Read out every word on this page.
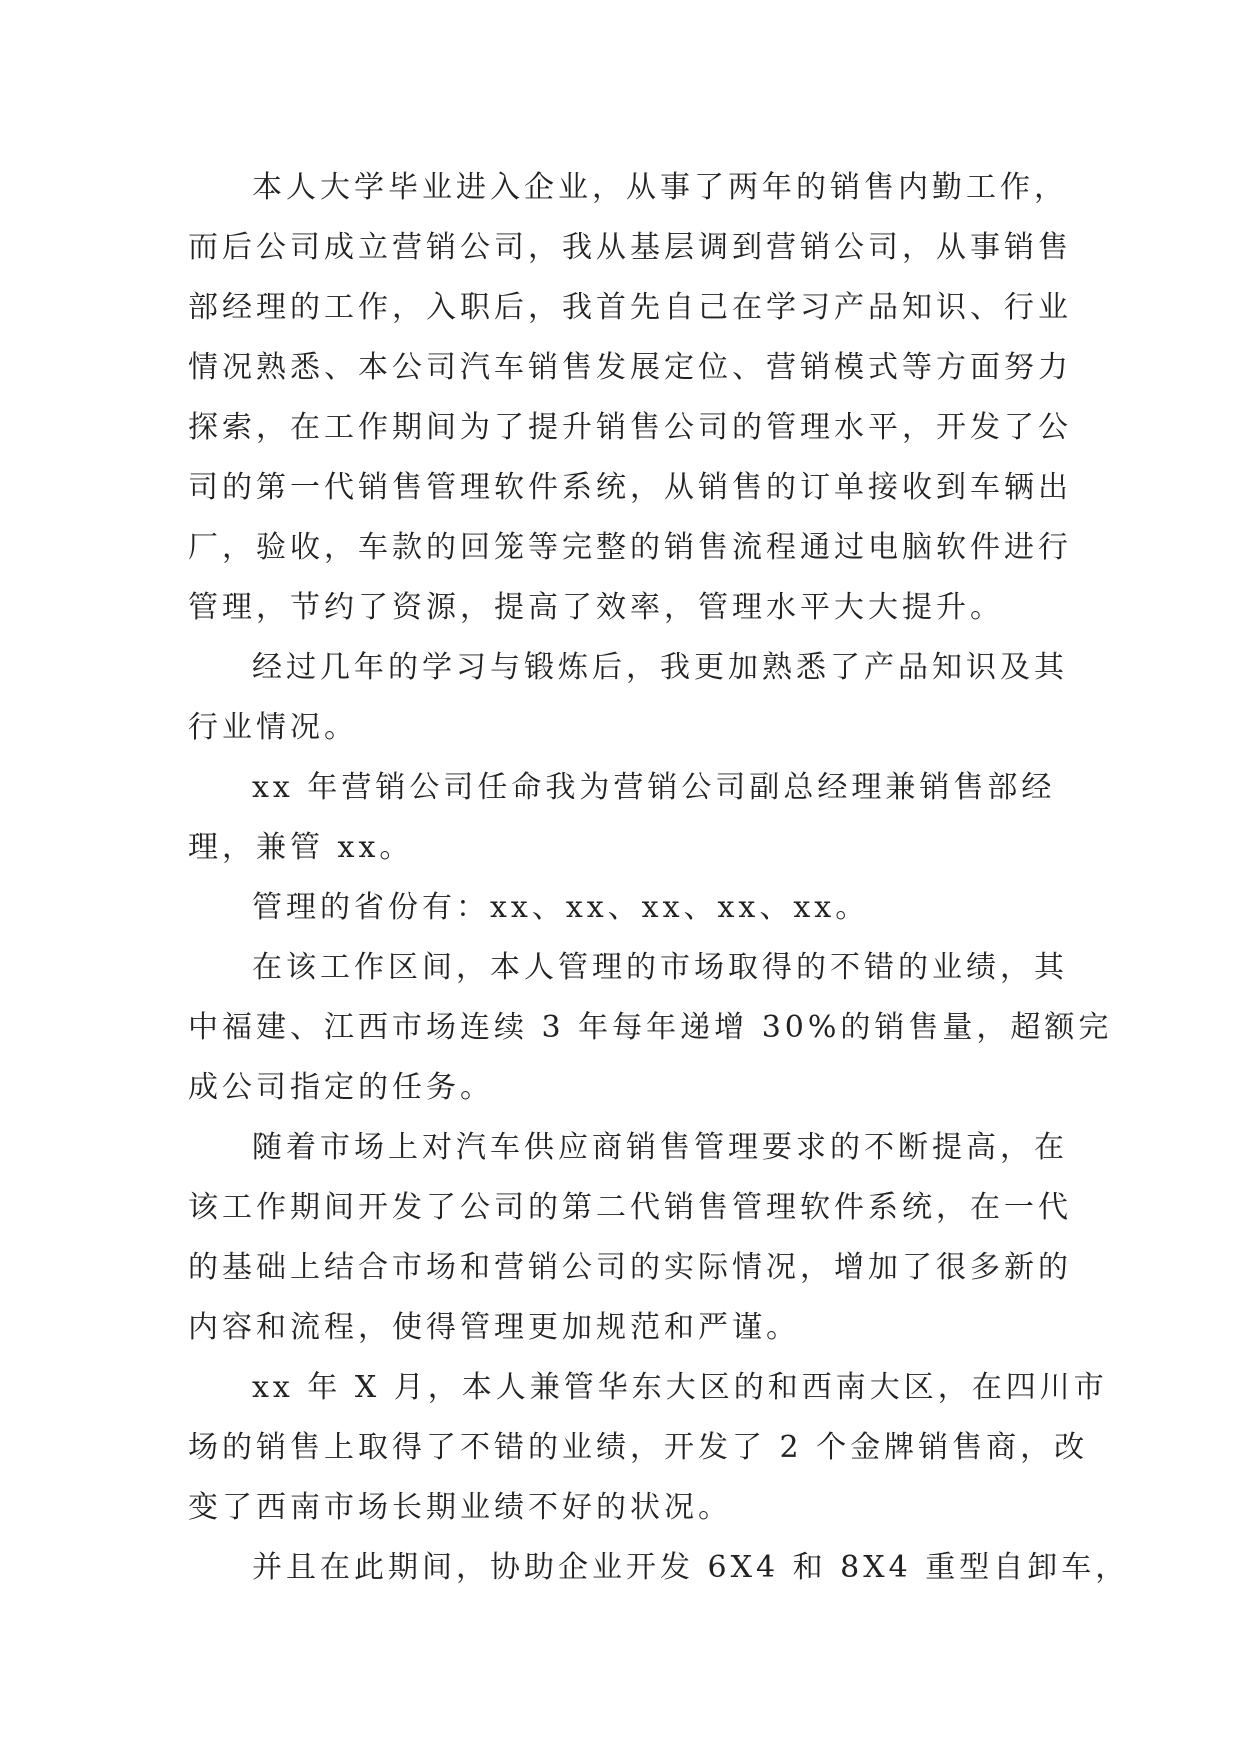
本人大学毕业进入企业，从事了两年的销售内勤工作，
而后公司成立营销公司，我从基层调到营销公司，从事销售
部经理的工作，入职后，我首先自己在学习产品知识、行业
情况熟悉、本公司汽车销售发展定位、营销模式等方面努力
探索，在工作期间为了提升销售公司的管理水平，开发了公
司的第一代销售管理软件系统，从销售的订单接收到车辆出
厂，验收，车款的回笼等完整的销售流程通过电脑软件进行
管理，节约了资源，提高了效率，管理水平大大提升。
经过几年的学习与锻炼后，我更加熟悉了产品知识及其
行业情况。
xx 年营销公司任命我为营销公司副总经理兼销售部经
理，兼管 xx。
管理的省份有：xx、xx、xx、xx、xx。
在该工作区间，本人管理的市场取得的不错的业绩，其
中福建、江西市场连续 3 年每年递增 30%的销售量，超额完
成公司指定的任务。
随着市场上对汽车供应商销售管理要求的不断提高，在
该工作期间开发了公司的第二代销售管理软件系统，在一代
的基础上结合市场和营销公司的实际情况，增加了很多新的
内容和流程，使得管理更加规范和严谨。
xx 年 X 月，本人兼管华东大区的和西南大区，在四川市
场的销售上取得了不错的业绩，开发了 2 个金牌销售商，改
变了西南市场长期业绩不好的状况。
并且在此期间，协助企业开发 6X4 和 8X4 重型自卸车，
